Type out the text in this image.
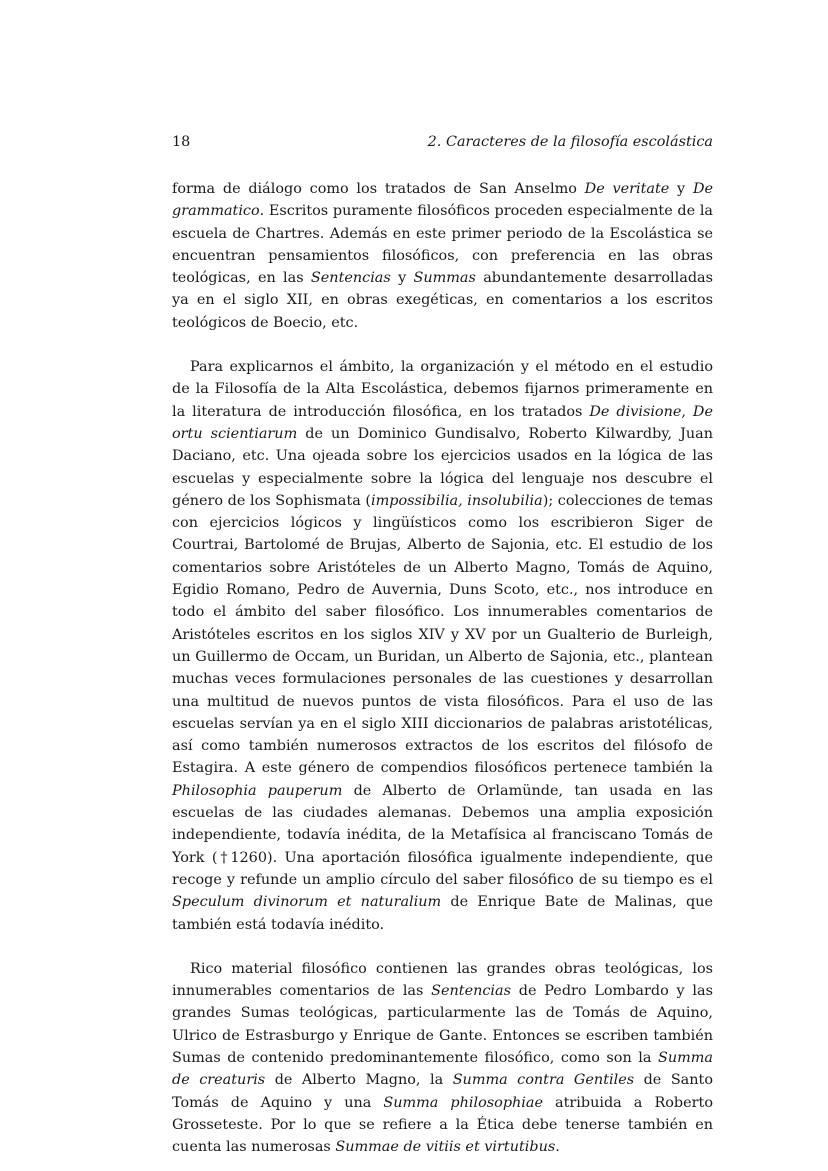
18	2. Caracteres de la filosofía escolástica

forma de diálogo como los tratados de San Anselmo De veritate y De grammatico. Escritos puramente filosóficos proceden especialmente de la escuela de Chartres. Además en este primer periodo de la Escolástica se encuentran pensamientos filosóficos, con preferencia en las obras teológicas, en las Sentencias y Summas abundantemente desarrolladas ya en el siglo XII, en obras exegéticas, en comentarios a los escritos teológicos de Boecio, etc.

Para explicarnos el ámbito, la organización y el método en el estudio de la Filosofía de la Alta Escolástica, debemos fijarnos primeramente en la literatura de introducción filosófica, en los tratados De divisione, De ortu scientiarum de un Dominico Gundisalvo, Roberto Kilwardby, Juan Daciano, etc. Una ojeada sobre los ejercicios usados en la lógica de las escuelas y especialmente sobre la lógica del lenguaje nos descubre el género de los Sophismata (impossibilia, insolubilia); colecciones de temas con ejercicios lógicos y lingüísticos como los escribieron Siger de Courtrai, Bartolomé de Brujas, Alberto de Sajonia, etc. El estudio de los comentarios sobre Aristóteles de un Alberto Magno, Tomás de Aquino, Egidio Romano, Pedro de Auvernia, Duns Scoto, etc., nos introduce en todo el ámbito del saber filosófico. Los innumerables comentarios de Aristóteles escritos en los siglos XIV y XV por un Gualterio de Burleigh, un Guillermo de Occam, un Buridan, un Alberto de Sajonia, etc., plantean muchas veces formulaciones personales de las cuestiones y desarrollan una multitud de nuevos puntos de vista filosóficos. Para el uso de las escuelas servían ya en el siglo XIII diccionarios de palabras aristotélicas, así como también numerosos extractos de los escritos del filósofo de Estagira. A este género de compendios filosóficos pertenece también la Philosophia pauperum de Alberto de Orlamünde, tan usada en las escuelas de las ciudades alemanas. Debemos una amplia exposición independiente, todavía inédita, de la Metafísica al franciscano Tomás de York (†1260). Una aportación filosófica igualmente independiente, que recoge y refunde un amplio círculo del saber filosófico de su tiempo es el Speculum divinorum et naturalium de Enrique Bate de Malinas, que también está todavía inédito.

Rico material filosófico contienen las grandes obras teológicas, los innumerables comentarios de las Sentencias de Pedro Lombardo y las grandes Sumas teológicas, particularmente las de Tomás de Aquino, Ulrico de Estrasburgo y Enrique de Gante. Entonces se escriben también Sumas de contenido predominantemente filosófico, como son la Summa de creaturis de Alberto Magno, la Summa contra Gentiles de Santo Tomás de Aquino y una Summa philosophiae atribuida a Roberto Grosseteste. Por lo que se refiere a la Ética debe tenerse también en cuenta las numerosas Summae de vitiis et virtutibus.
